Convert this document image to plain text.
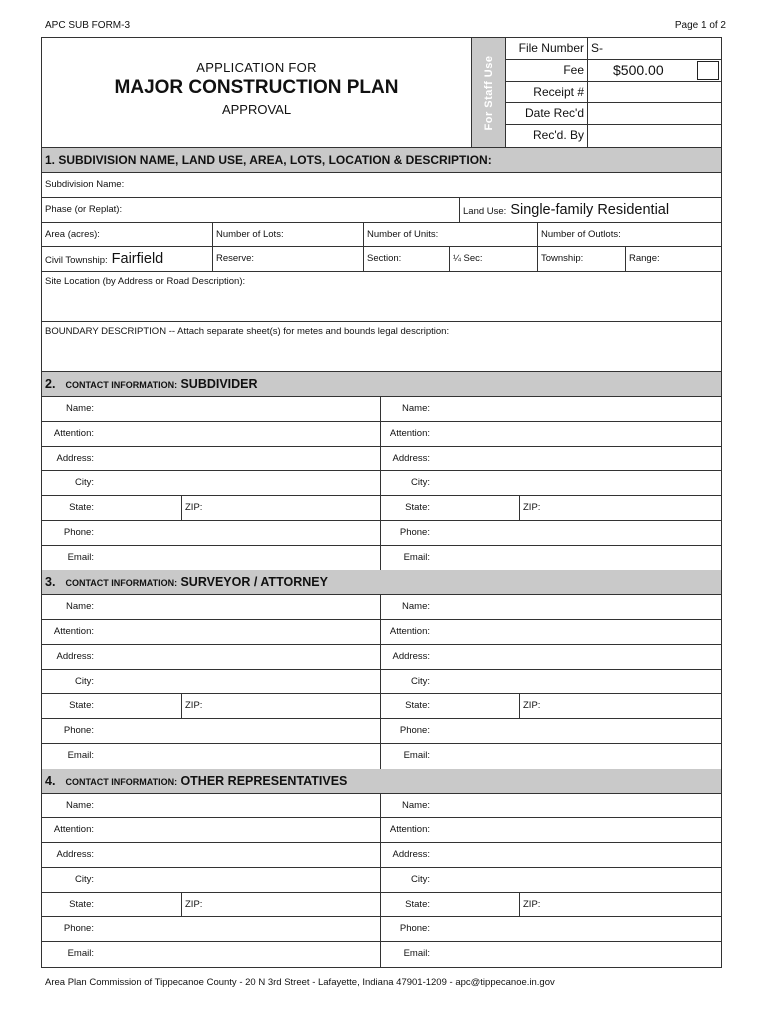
APC SUB FORM-3	Page 1 of 2
APPLICATION FOR
MAJOR CONSTRUCTION PLAN
APPROVAL	For Staff Use
File Number S-
Fee $500.00
Receipt #
Date Rec'd
Rec'd. By
1. SUBDIVISION NAME, LAND USE, AREA, LOTS, LOCATION & DESCRIPTION:
Subdivision Name:
Phase (or Replat):	Land Use: Single-family Residential
Area (acres):	Number of Lots:	Number of Units:	Number of Outlots:
Civil Township: Fairfield	Reserve:	Section:	¼ Sec:	Township:	Range:
Site Location (by Address or Road Description):
BOUNDARY DESCRIPTION -- Attach separate sheet(s) for metes and bounds legal description:
2. CONTACT INFORMATION: SUBDIVIDER
Name:	Name:
Attention:	Attention:
Address:	Address:
City:	City:
State:	ZIP:	State:	ZIP:
Phone:	Phone:
Email:	Email:
3. CONTACT INFORMATION: SURVEYOR / ATTORNEY
Name:	Name:
Attention:	Attention:
Address:	Address:
City:	City:
State:	ZIP:	State:	ZIP:
Phone:	Phone:
Email:	Email:
4. CONTACT INFORMATION: OTHER REPRESENTATIVES
Name:	Name:
Attention:	Attention:
Address:	Address:
City:	City:
State:	ZIP:	State:	ZIP:
Phone:	Phone:
Email:	Email:
Area Plan Commission of Tippecanoe County - 20 N 3rd Street - Lafayette, Indiana 47901-1209 - apc@tippecanoe.in.gov
